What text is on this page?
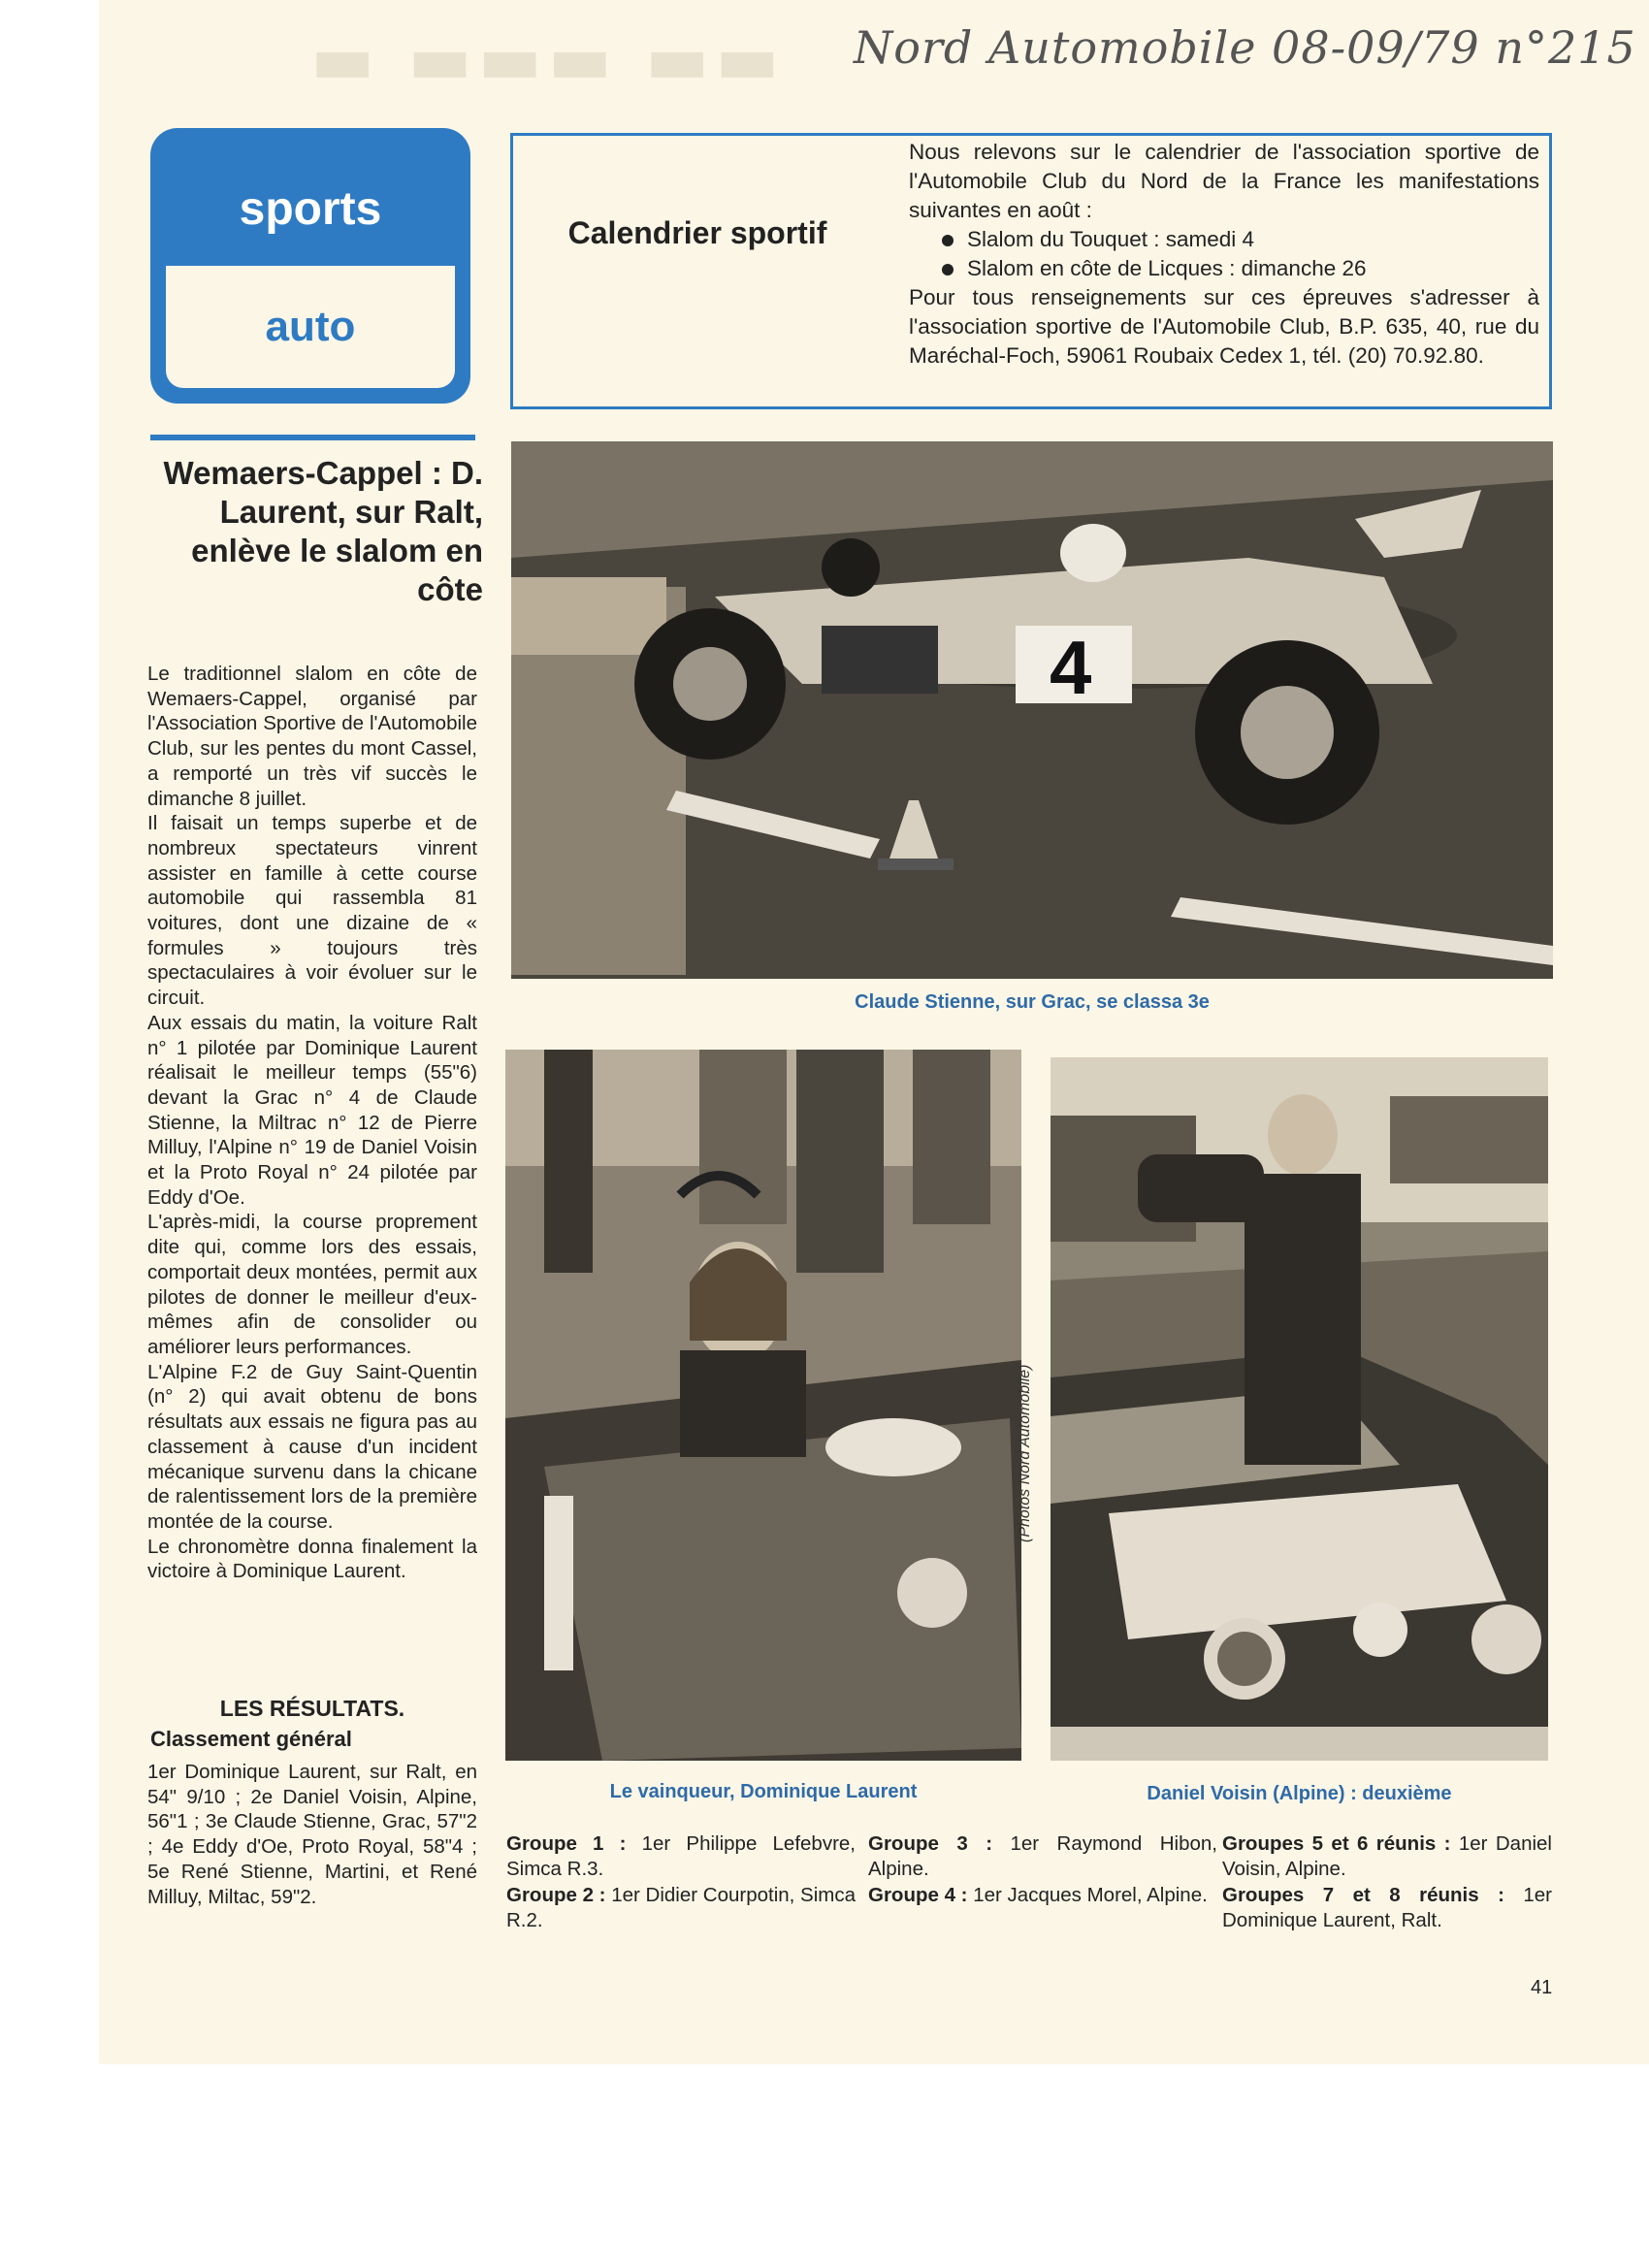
▬ ▬▬▬ ▬▬ Nord Automobile 08-09/79 n°215
sports
auto
Calendrier sportif

Nous relevons sur le calendrier de l'association sportive de l'Automobile Club du Nord de la France les manifestations suivantes en août :

Slalom du Touquet : samedi 4
Slalom en côte de Licques : dimanche 26

Pour tous renseignements sur ces épreuves s'adresser à l'association sportive de l'Automobile Club, B.P. 635, 40, rue du Maréchal-Foch, 59061 Roubaix Cedex 1, tél. (20) 70.92.80.

Wemaers-Cappel : D. Laurent, sur Ralt, enlève le slalom en côte

Le traditionnel slalom en côte de Wemaers-Cappel, organisé par l'Association Sportive de l'Automobile Club, sur les pentes du mont Cassel, a remporté un très vif succès le dimanche 8 juillet.

Il faisait un temps superbe et de nombreux spectateurs vinrent assister en famille à cette course automobile qui rassembla 81 voitures, dont une dizaine de « formules » toujours très spectaculaires à voir évoluer sur le circuit.

Aux essais du matin, la voiture Ralt n° 1 pilotée par Dominique Laurent réalisait le meilleur temps (55"6) devant la Grac n° 4 de Claude Stienne, la Miltrac n° 12 de Pierre Milluy, l'Alpine n° 19 de Daniel Voisin et la Proto Royal n° 24 pilotée par Eddy d'Oe.

L'après-midi, la course proprement dite qui, comme lors des essais, comportait deux montées, permit aux pilotes de donner le meilleur d'eux-mêmes afin de consolider ou améliorer leurs performances.

L'Alpine F.2 de Guy Saint-Quentin (n° 2) qui avait obtenu de bons résultats aux essais ne figura pas au classement à cause d'un incident mécanique survenu dans la chicane de ralentissement lors de la première montée de la course.

Le chronomètre donna finalement la victoire à Dominique Laurent.

LES RÉSULTATS.
Classement général
1er Dominique Laurent, sur Ralt, en 54" 9/10 ; 2e Daniel Voisin, Alpine, 56"1 ; 3e Claude Stienne, Grac, 57"2 ; 4e Eddy d'Oe, Proto Royal, 58"4 ; 5e René Stienne, Martini, et René Milluy, Miltac, 59"2.
4
Claude Stienne, sur Grac, se classa 3e
(Photos Nord Automobile)
Le vainqueur, Dominique Laurent	Daniel Voisin (Alpine) : deuxième
Groupe 1 : 1er Philippe Lefebvre, Simca R.3.
Groupe 2 : 1er Didier Courpotin, Simca R.2.
Groupe 3 : 1er Raymond Hibon, Alpine.
Groupe 4 : 1er Jacques Morel, Alpine.
Groupes 5 et 6 réunis : 1er Daniel Voisin, Alpine.
Groupes 7 et 8 réunis : 1er Dominique Laurent, Ralt.
41
